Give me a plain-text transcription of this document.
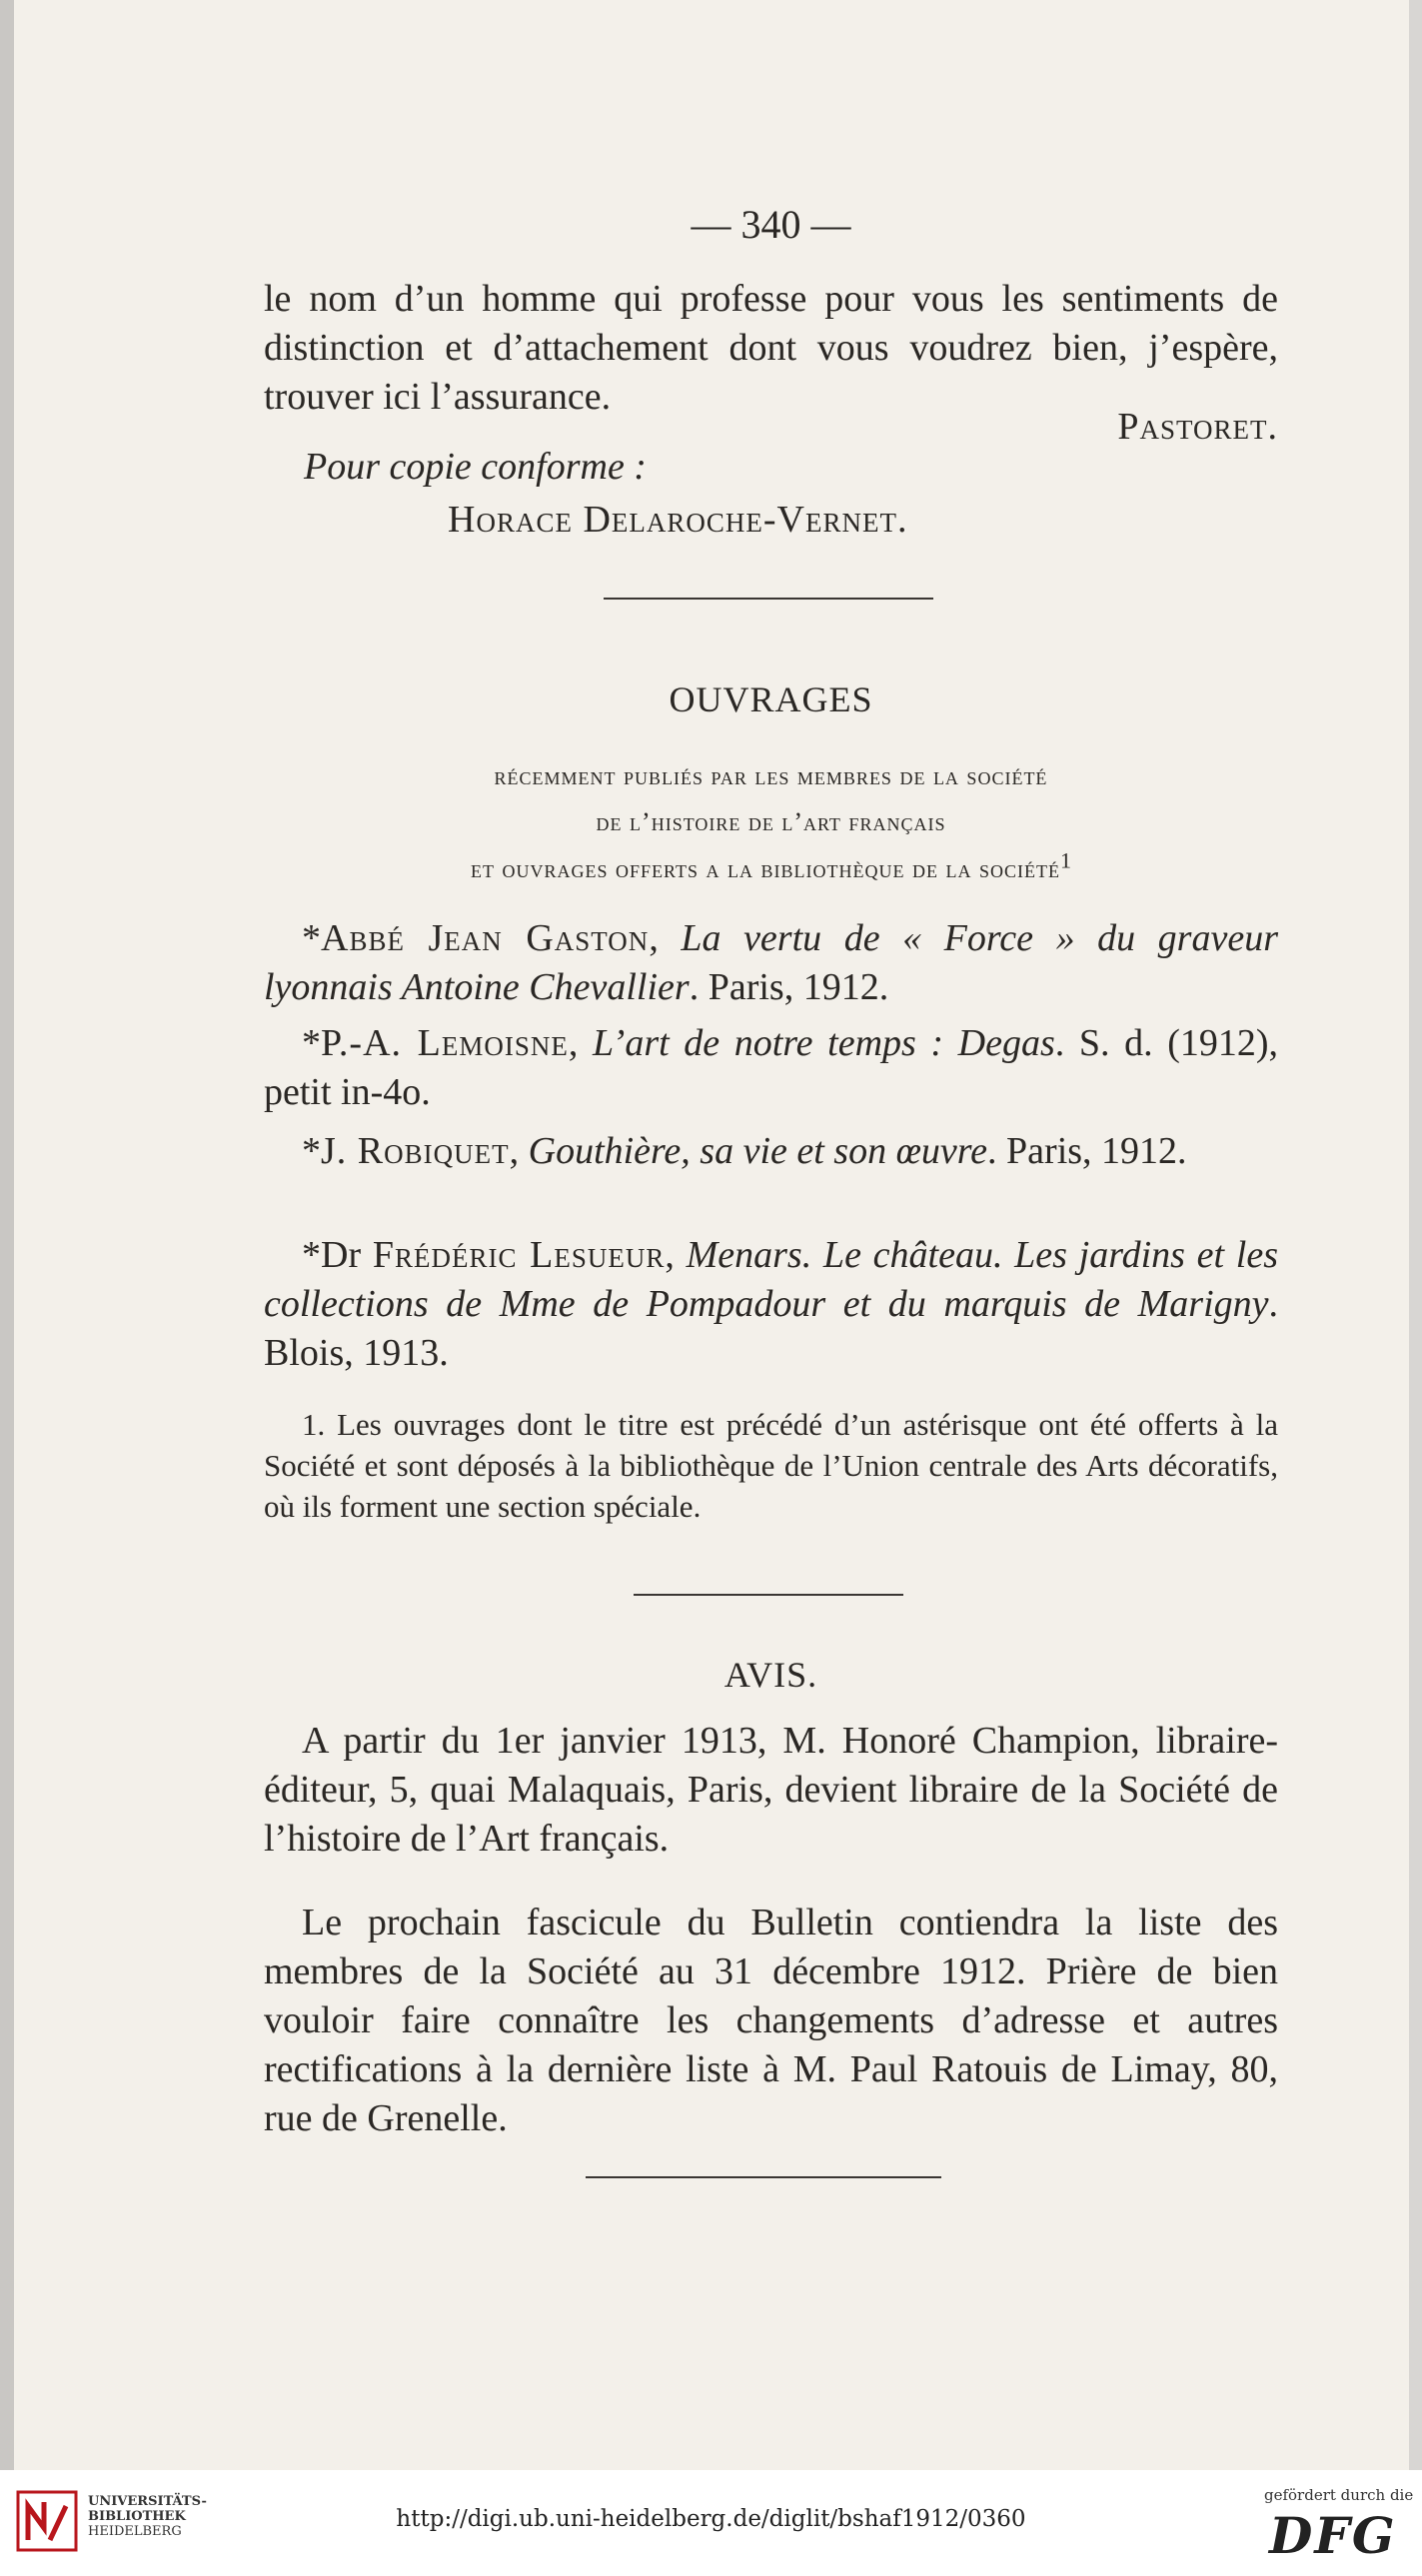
— 340 —
le nom d’un homme qui professe pour vous les sentiments de distinction et d’attachement dont vous voudrez bien, j’espère, trouver ici l’assurance.
Pastoret.
Pour copie conforme :
Horace Delaroche-Vernet.
OUVRAGES
récemment publiés par les membres de la société
de l’histoire de l’art français
et ouvrages offerts a la bibliothèque de la société$^1$
*Abbé Jean Gaston, La vertu de « Force » du graveur lyonnais Antoine Chevallier. Paris, 1912.
*P.-A. Lemoisne, L’art de notre temps : Degas. S. d. (1912), petit in-4o.
*J. Robiquet, Gouthière, sa vie et son œuvre. Paris, 1912.
*Dr Frédéric Lesueur, Menars. Le château. Les jardins et les collections de Mme de Pompadour et du marquis de Marigny. Blois, 1913.
1. Les ouvrages dont le titre est précédé d’un astérisque ont été offerts à la Société et sont déposés à la bibliothèque de l’Union centrale des Arts décoratifs, où ils forment une section spéciale.
AVIS.
A partir du 1er janvier 1913, M. Honoré Champion, libraire-éditeur, 5, quai Malaquais, Paris, devient libraire de la Société de l’histoire de l’Art français.
Le prochain fascicule du Bulletin contiendra la liste des membres de la Société au 31 décembre 1912. Prière de bien vouloir faire connaître les changements d’adresse et autres rectifications à la dernière liste à M. Paul Ratouis de Limay, 80, rue de Grenelle.
UNIVERSITÄTS-
BIBLIOTHEK
HEIDELBERG	http://digi.ub.uni-heidelberg.de/diglit/bshaf1912/0360
gefördert durch die
DFG
